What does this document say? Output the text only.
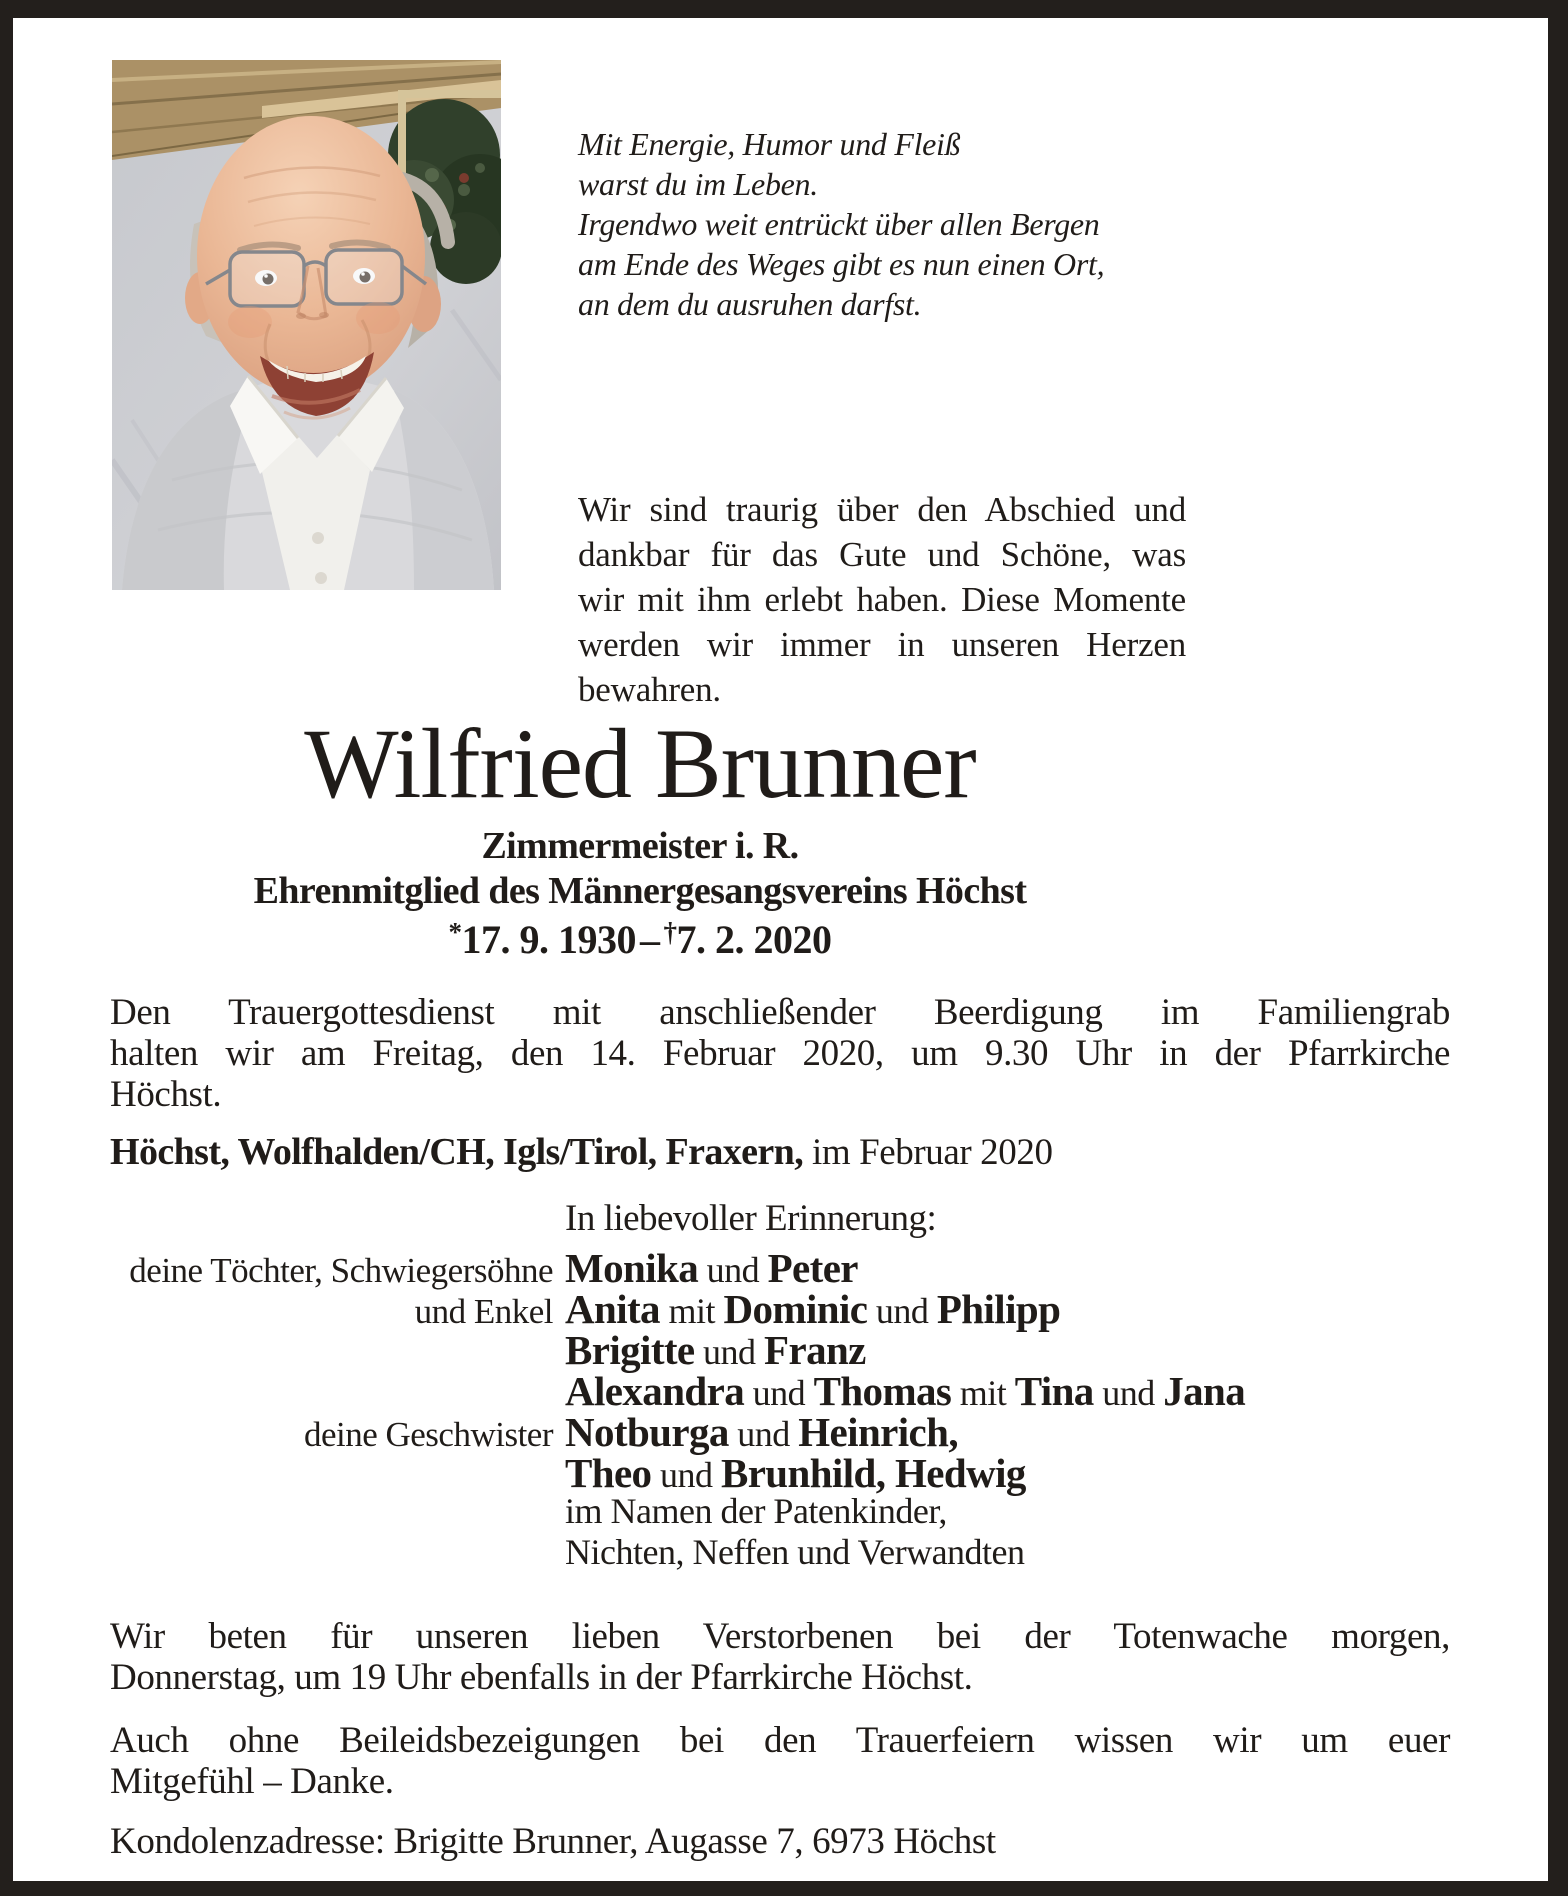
Mit Energie, Humor und Fleiß
warst du im Leben.
Irgendwo weit entrückt über allen Bergen
am Ende des Weges gibt es nun einen Ort,
an dem du ausruhen darfst.
Wir sind traurig über den Abschied und
dankbar für das Gute und Schöne, was
wir mit ihm erlebt haben. Diese Momente
werden wir immer in unseren Herzen
bewahren.
Wilfried Brunner
Zimmermeister i. R.
Ehrenmitglied des Männergesangsvereins Höchst
*17. 9. 1930 – †7. 2. 2020
Den Trauergottesdienst mit anschließender Beerdigung im Familiengrab
halten wir am Freitag, den 14. Februar 2020, um 9.30 Uhr in der Pfarrkirche
Höchst.
Höchst, Wolfhalden/CH, Igls/Tirol, Fraxern, im Februar 2020
In liebevoller Erinnerung:
deine Töchter, Schwiegersöhne Monika und Peter
und Enkel Anita mit Dominic und Philipp
Brigitte und Franz
Alexandra und Thomas mit Tina und Jana
deine Geschwister Notburga und Heinrich,
Theo und Brunhild, Hedwig
im Namen der Patenkinder,
Nichten, Neffen und Verwandten
Wir beten für unseren lieben Verstorbenen bei der Totenwache morgen,
Donnerstag, um 19 Uhr ebenfalls in der Pfarrkirche Höchst.
Auch ohne Beileidsbezeigungen bei den Trauerfeiern wissen wir um euer
Mitgefühl – Danke.
Kondolenzadresse: Brigitte Brunner, Augasse 7, 6973 Höchst
